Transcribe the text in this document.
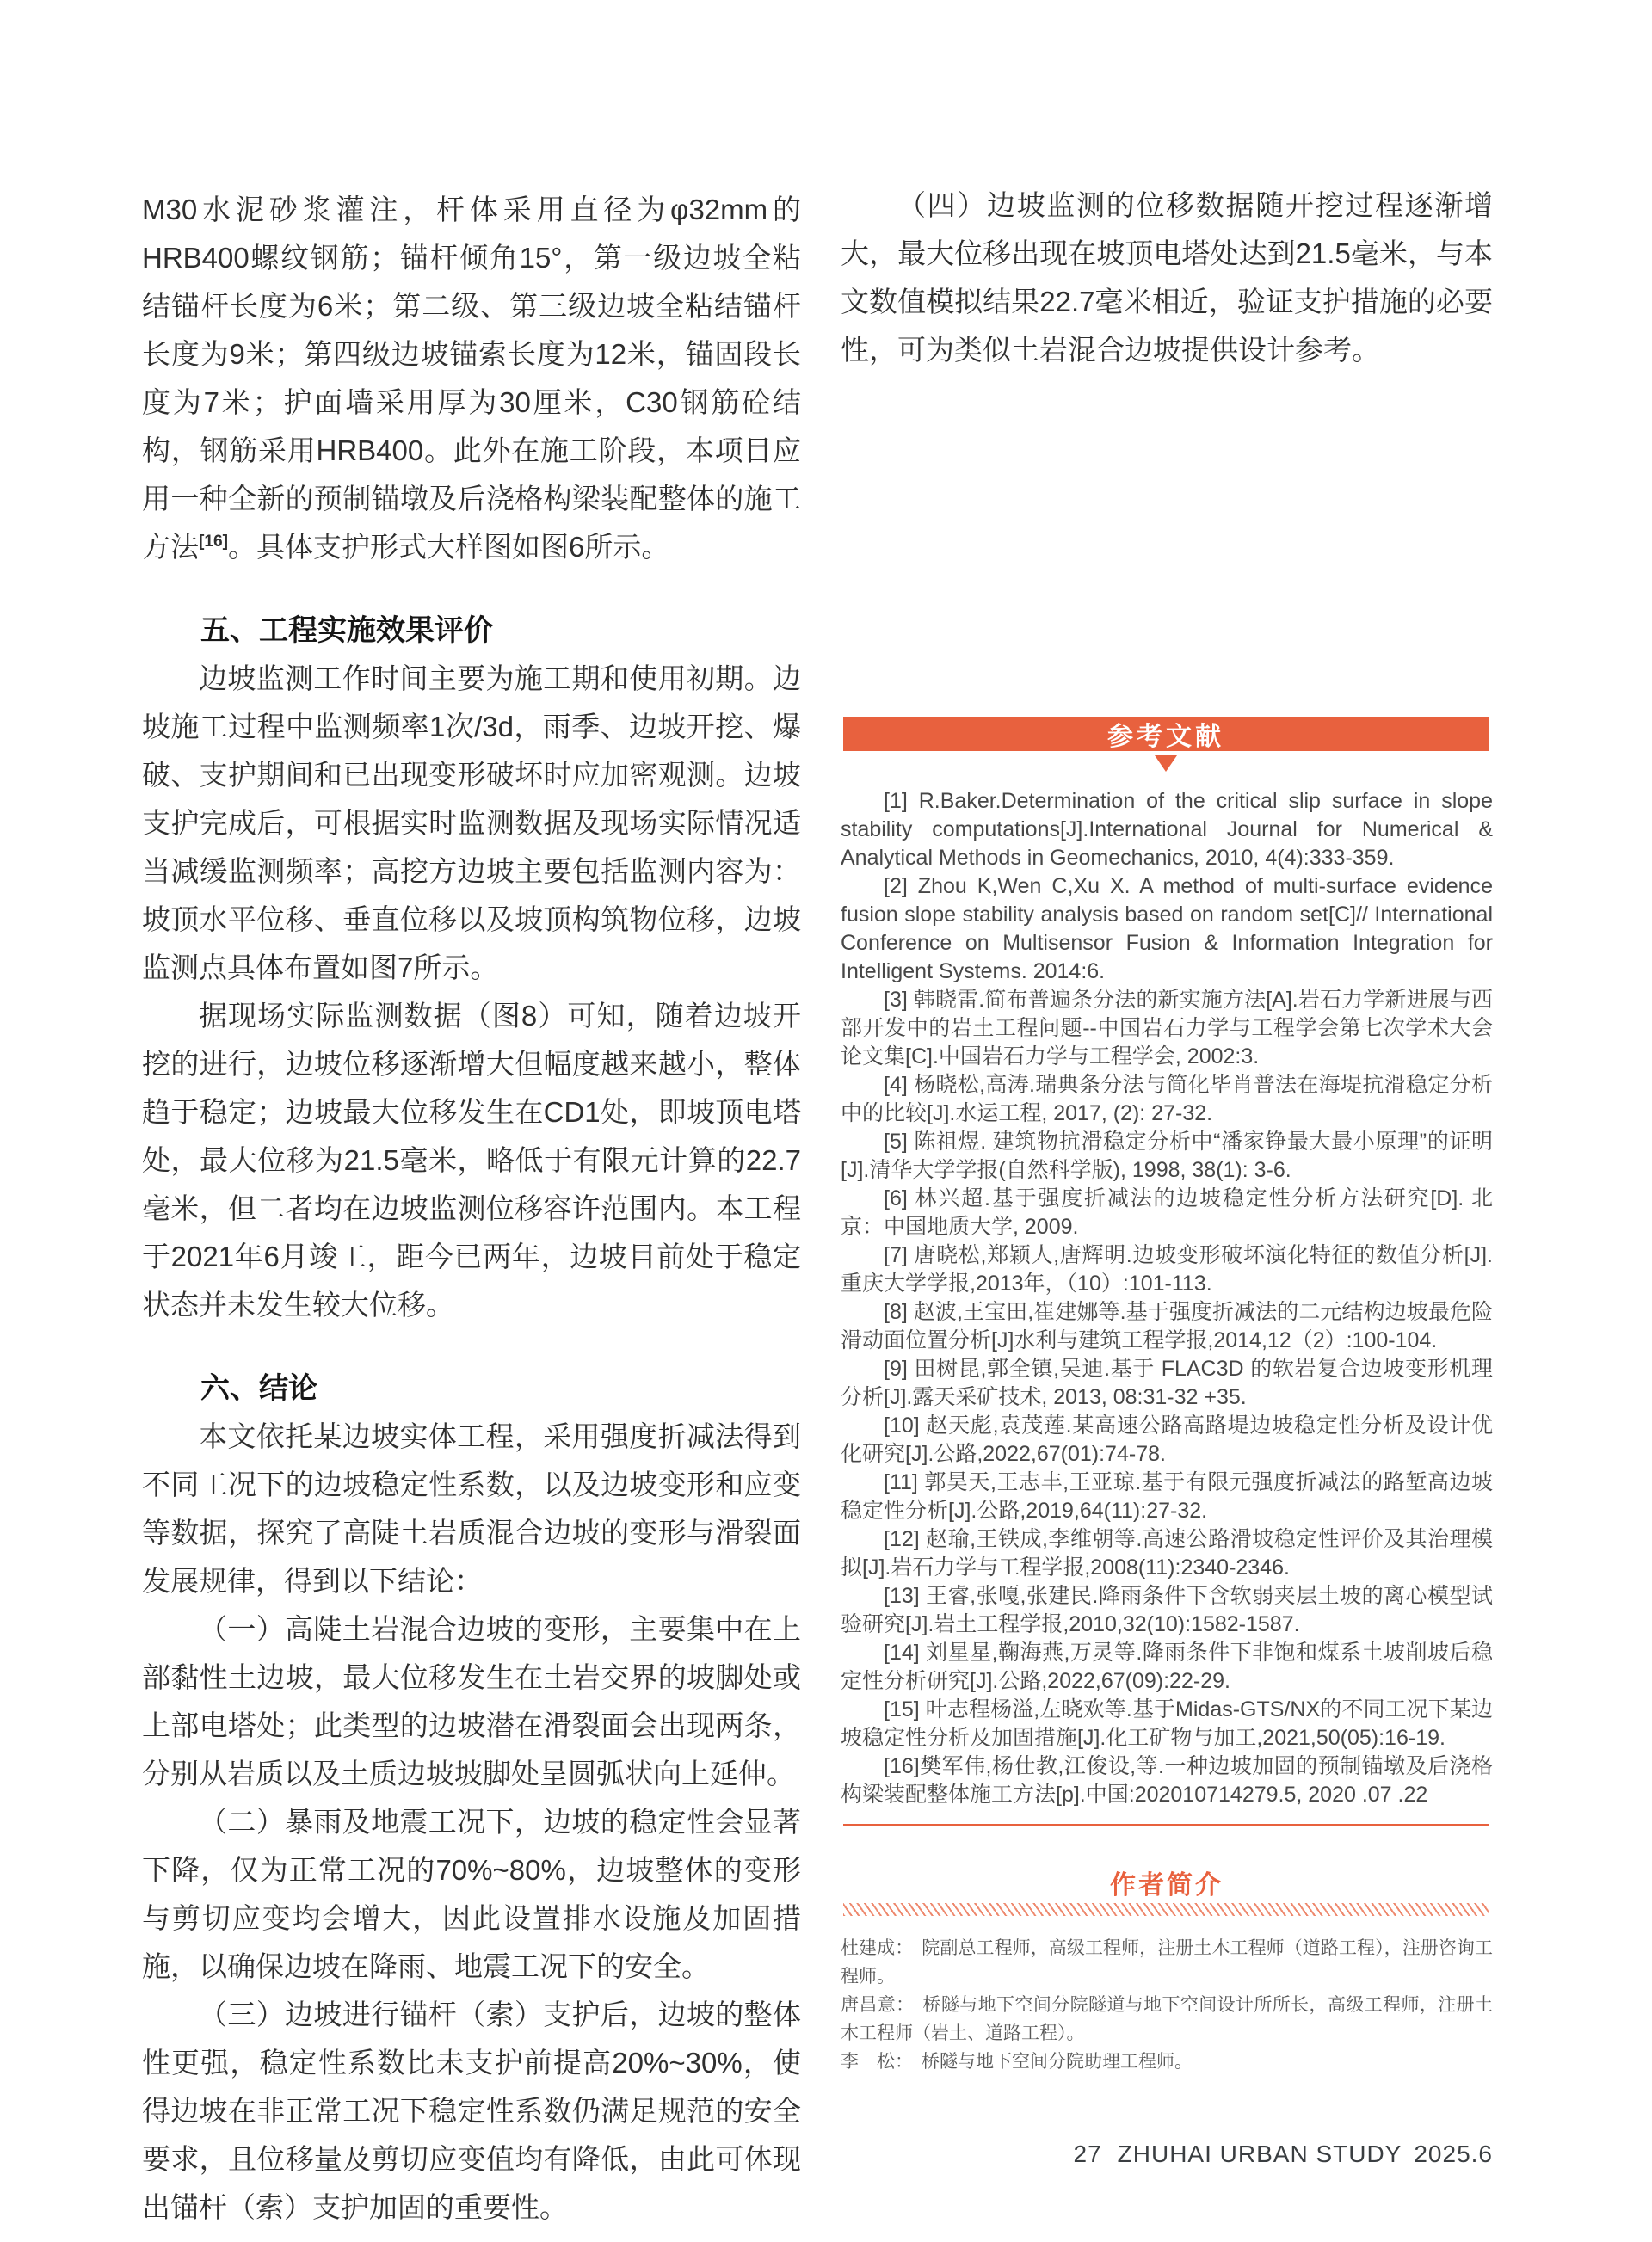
M30水泥砂浆灌注，杆体采用直径为φ32mm的HRB400螺纹钢筋；锚杆倾角15°，第一级边坡全粘结锚杆长度为6米；第二级、第三级边坡全粘结锚杆长度为9米；第四级边坡锚索长度为12米，锚固段长度为7米；护面墙采用厚为30厘米，C30钢筋砼结构，钢筋采用HRB400。此外在施工阶段，本项目应用一种全新的预制锚墩及后浇格构梁装配整体的施工方法[16]。具体支护形式大样图如图6所示。

五、工程实施效果评价

边坡监测工作时间主要为施工期和使用初期。边坡施工过程中监测频率1次/3d，雨季、边坡开挖、爆破、支护期间和已出现变形破坏时应加密观测。边坡支护完成后，可根据实时监测数据及现场实际情况适当减缓监测频率；高挖方边坡主要包括监测内容为：坡顶水平位移、垂直位移以及坡顶构筑物位移，边坡监测点具体布置如图7所示。

据现场实际监测数据（图8）可知，随着边坡开挖的进行，边坡位移逐渐增大但幅度越来越小，整体趋于稳定；边坡最大位移发生在CD1处，即坡顶电塔处，最大位移为21.5毫米，略低于有限元计算的22.7毫米，但二者均在边坡监测位移容许范围内。本工程于2021年6月竣工，距今已两年，边坡目前处于稳定状态并未发生较大位移。

六、结论

本文依托某边坡实体工程，采用强度折减法得到不同工况下的边坡稳定性系数，以及边坡变形和应变等数据，探究了高陡土岩质混合边坡的变形与滑裂面发展规律，得到以下结论：

（一）高陡土岩混合边坡的变形，主要集中在上部黏性土边坡，最大位移发生在土岩交界的坡脚处或上部电塔处；此类型的边坡潜在滑裂面会出现两条，分别从岩质以及土质边坡坡脚处呈圆弧状向上延伸。

（二）暴雨及地震工况下，边坡的稳定性会显著下降，仅为正常工况的70%~80%，边坡整体的变形与剪切应变均会增大，因此设置排水设施及加固措施，以确保边坡在降雨、地震工况下的安全。

（三）边坡进行锚杆（索）支护后，边坡的整体性更强，稳定性系数比未支护前提高20%~30%，使得边坡在非正常工况下稳定性系数仍满足规范的安全要求，且位移量及剪切应变值均有降低，由此可体现出锚杆（索）支护加固的重要性。

（四）边坡监测的位移数据随开挖过程逐渐增大，最大位移出现在坡顶电塔处达到21.5毫米，与本文数值模拟结果22.7毫米相近，验证支护措施的必要性，可为类似土岩混合边坡提供设计参考。

参考文献

[1] R.Baker.Determination of the critical slip surface in slope stability computations[J].International Journal for Numerical & Analytical Methods in Geomechanics, 2010, 4(4):333-359.

[2] Zhou K,Wen C,Xu X. A method of multi-surface evidence fusion slope stability analysis based on random set[C]// International Conference on Multisensor Fusion & Information Integration for Intelligent Systems. 2014:6.

[3] 韩晓雷.简布普遍条分法的新实施方法[A].岩石力学新进展与西部开发中的岩土工程问题--中国岩石力学与工程学会第七次学术大会论文集[C].中国岩石力学与工程学会, 2002:3.

[4] 杨晓松,高涛.瑞典条分法与简化毕肖普法在海堤抗滑稳定分析中的比较[J].水运工程, 2017, (2): 27-32.

[5] 陈祖煜. 建筑物抗滑稳定分析中“潘家铮最大最小原理”的证明[J].清华大学学报(自然科学版), 1998, 38(1): 3-6.

[6] 林兴超.基于强度折减法的边坡稳定性分析方法研究[D]. 北京：中国地质大学, 2009.

[7] 唐晓松,郑颖人,唐辉明.边坡变形破坏演化特征的数值分析[J].重庆大学学报,2013年，（10）:101-113.

[8] 赵波,王宝田,崔建娜等.基于强度折减法的二元结构边坡最危险滑动面位置分析[J]水利与建筑工程学报,2014,12（2）:100-104.

[9] 田树昆,郭全镇,吴迪.基于 FLAC3D 的软岩复合边坡变形机理分析[J].露天采矿技术, 2013, 08:31-32 +35.

[10] 赵天彪,袁茂莲.某高速公路高路堤边坡稳定性分析及设计优化研究[J].公路,2022,67(01):74-78.

[11] 郭昊天,王志丰,王亚琼.基于有限元强度折减法的路堑高边坡稳定性分析[J].公路,2019,64(11):27-32.

[12] 赵瑜,王铁成,李维朝等.高速公路滑坡稳定性评价及其治理模拟[J].岩石力学与工程学报,2008(11):2340-2346.

[13] 王睿,张嘎,张建民.降雨条件下含软弱夹层土坡的离心模型试验研究[J].岩土工程学报,2010,32(10):1582-1587.

[14] 刘星星,鞠海燕,万灵等.降雨条件下非饱和煤系土坡削坡后稳定性分析研究[J].公路,2022,67(09):22-29.

[15] 叶志程杨溢,左晓欢等.基于Midas-GTS/NX的不同工况下某边坡稳定性分析及加固措施[J].化工矿物与加工,2021,50(05):16-19.

[16]樊军伟,杨仕教,江俊设,等.一种边坡加固的预制锚墩及后浇格构梁装配整体施工方法[p].中国:202010714279.5, 2020 .07 .22

作者简介

杜建成： 院副总工程师，高级工程师，注册土木工程师（道路工程），注册咨询工程师。

唐昌意： 桥隧与地下空间分院隧道与地下空间设计所所长，高级工程师，注册土木工程师（岩土、道路工程）。

李　松： 桥隧与地下空间分院助理工程师。

27 ZHUHAI URBAN STUDY 2025.6
